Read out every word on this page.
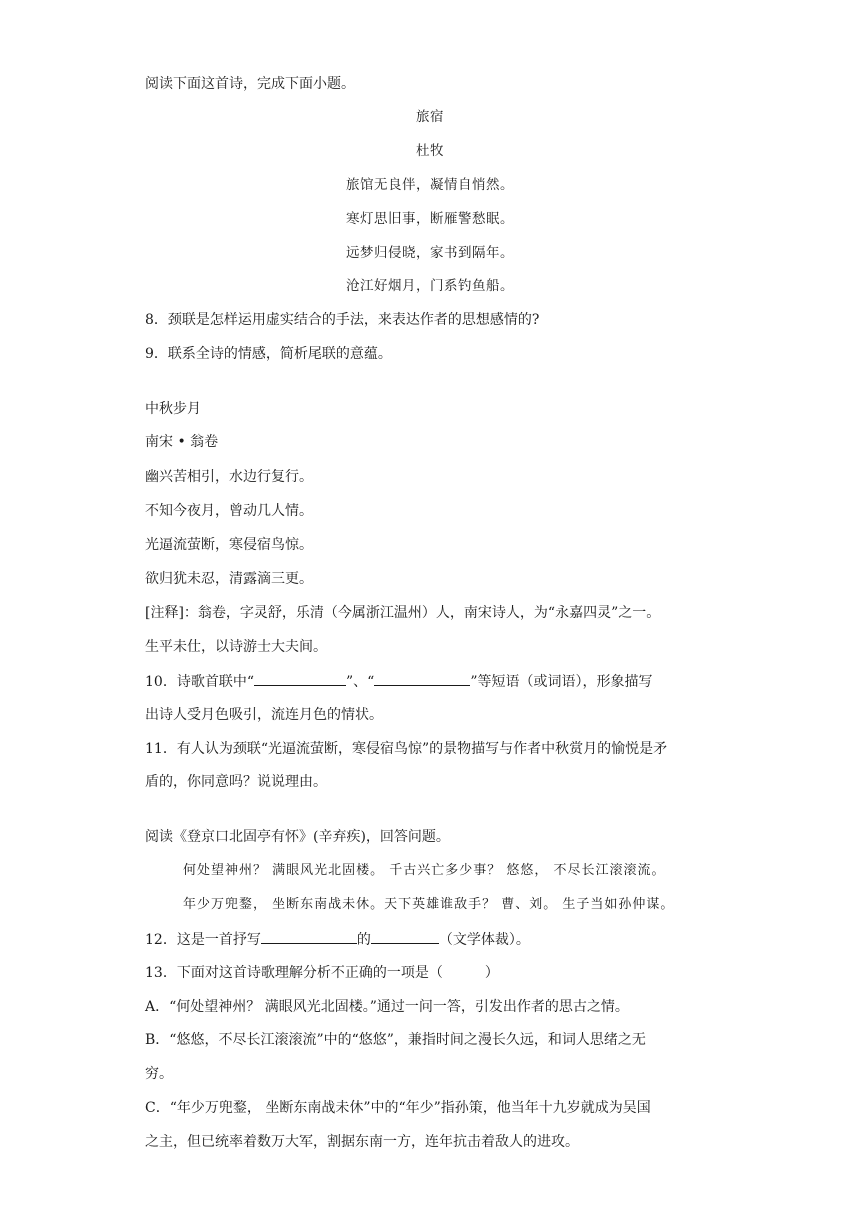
阅读下面这首诗，完成下面小题。
旅宿
杜牧
旅馆无良伴，凝情自悄然。
寒灯思旧事，断雁警愁眠。
远梦归侵晓，家书到隔年。
沧江好烟月，门系钓鱼船。
8．颈联是怎样运用虚实结合的手法，来表达作者的思想感情的?
9．联系全诗的情感，简析尾联的意蕴。
中秋步月
南宋 • 翁卷
幽兴苦相引，水边行复行。
不知今夜月，曾动几人情。
光逼流萤断，寒侵宿鸟惊。
欲归犹未忍，清露滴三更。
[注释]：翁卷，字灵舒，乐清（今属浙江温州）人，南宋诗人，为“永嘉四灵”之一。
生平未仕，以诗游士大夫间。
10．诗歌首联中“	”、“	”等短语（或词语），形象描写
出诗人受月色吸引，流连月色的情状。
11．有人认为颈联“光逼流萤断，寒侵宿鸟惊”的景物描写与作者中秋赏月的愉悦是矛
盾的，你同意吗？说说理由。
阅读《登京口北固亭有怀》(辛弃疾)，回答问题。
何处望神州？ 满眼风光北固楼。 千古兴亡多少事？ 悠悠， 不尽长江滚滚流。
年少万兜鍪， 坐断东南战未休。天下英雄谁敌手？ 曹、刘。 生子当如孙仲谋。
12．这是一首抒写	的	（文学体裁）。
13．下面对这首诗歌理解分析不正确的一项是（　　　）
A．“何处望神州？ 满眼风光北固楼。”通过一问一答，引发出作者的思古之情。
B．“悠悠，不尽长江滚滚流”中的“悠悠”，兼指时间之漫长久远，和词人思绪之无
穷。
C．“年少万兜鍪， 坐断东南战未休”中的“年少”指孙策，他当年十九岁就成为吴国
之主，但已统率着数万大军，割据东南一方，连年抗击着敌人的进攻。
